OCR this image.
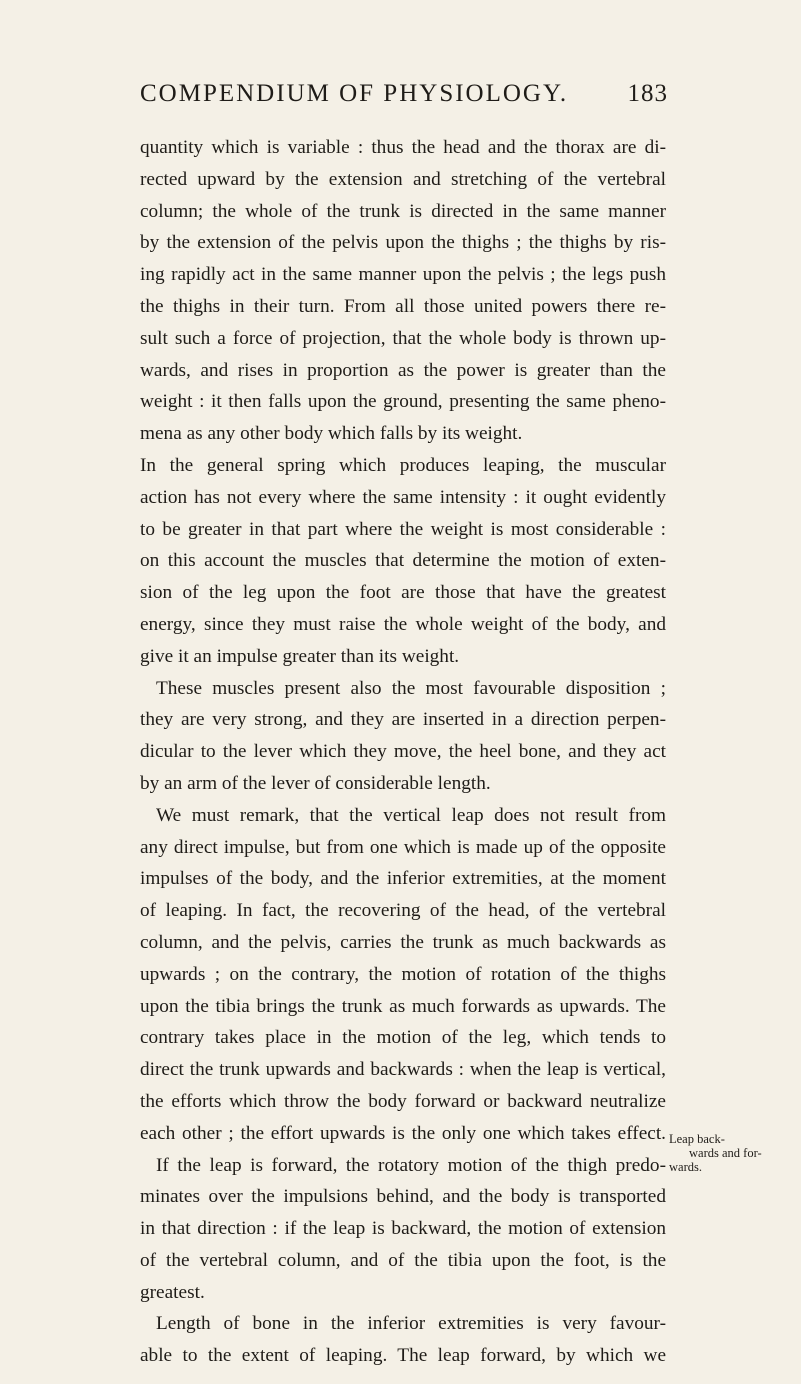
COMPENDIUM OF PHYSIOLOGY. 183
quantity which is variable : thus the head and the thorax are di-
rected upward by the extension and stretching of the vertebral
column; the whole of the trunk is directed in the same manner
by the extension of the pelvis upon the thighs ; the thighs by ris-
ing rapidly act in the same manner upon the pelvis ; the legs push
the thighs in their turn. From all those united powers there re-
sult such a force of projection, that the whole body is thrown up-
wards, and rises in proportion as the power is greater than the
weight : it then falls upon the ground, presenting the same pheno-
mena as any other body which falls by its weight.
In the general spring which produces leaping, the muscular
action has not every where the same intensity : it ought evidently
to be greater in that part where the weight is most considerable :
on this account the muscles that determine the motion of exten-
sion of the leg upon the foot are those that have the greatest
energy, since they must raise the whole weight of the body, and
give it an impulse greater than its weight.
These muscles present also the most favourable disposition ;
they are very strong, and they are inserted in a direction perpen-
dicular to the lever which they move, the heel bone, and they act
by an arm of the lever of considerable length.
We must remark, that the vertical leap does not result from
any direct impulse, but from one which is made up of the opposite
impulses of the body, and the inferior extremities, at the moment
of leaping. In fact, the recovering of the head, of the vertebral
column, and the pelvis, carries the trunk as much backwards as
upwards ; on the contrary, the motion of rotation of the thighs
upon the tibia brings the trunk as much forwards as upwards. The
contrary takes place in the motion of the leg, which tends to
direct the trunk upwards and backwards : when the leap is vertical,
the efforts which throw the body forward or backward neutralize
each other ; the effort upwards is the only one which takes effect.
If the leap is forward, the rotatory motion of the thigh predo-
minates over the impulsions behind, and the body is transported
in that direction : if the leap is backward, the motion of extension
of the vertebral column, and of the tibia upon the foot, is the
greatest.
Length of bone in the inferior extremities is very favour-
able to the extent of leaping. The leap forward, by which we
Leap back-
wards and for-
wards.
